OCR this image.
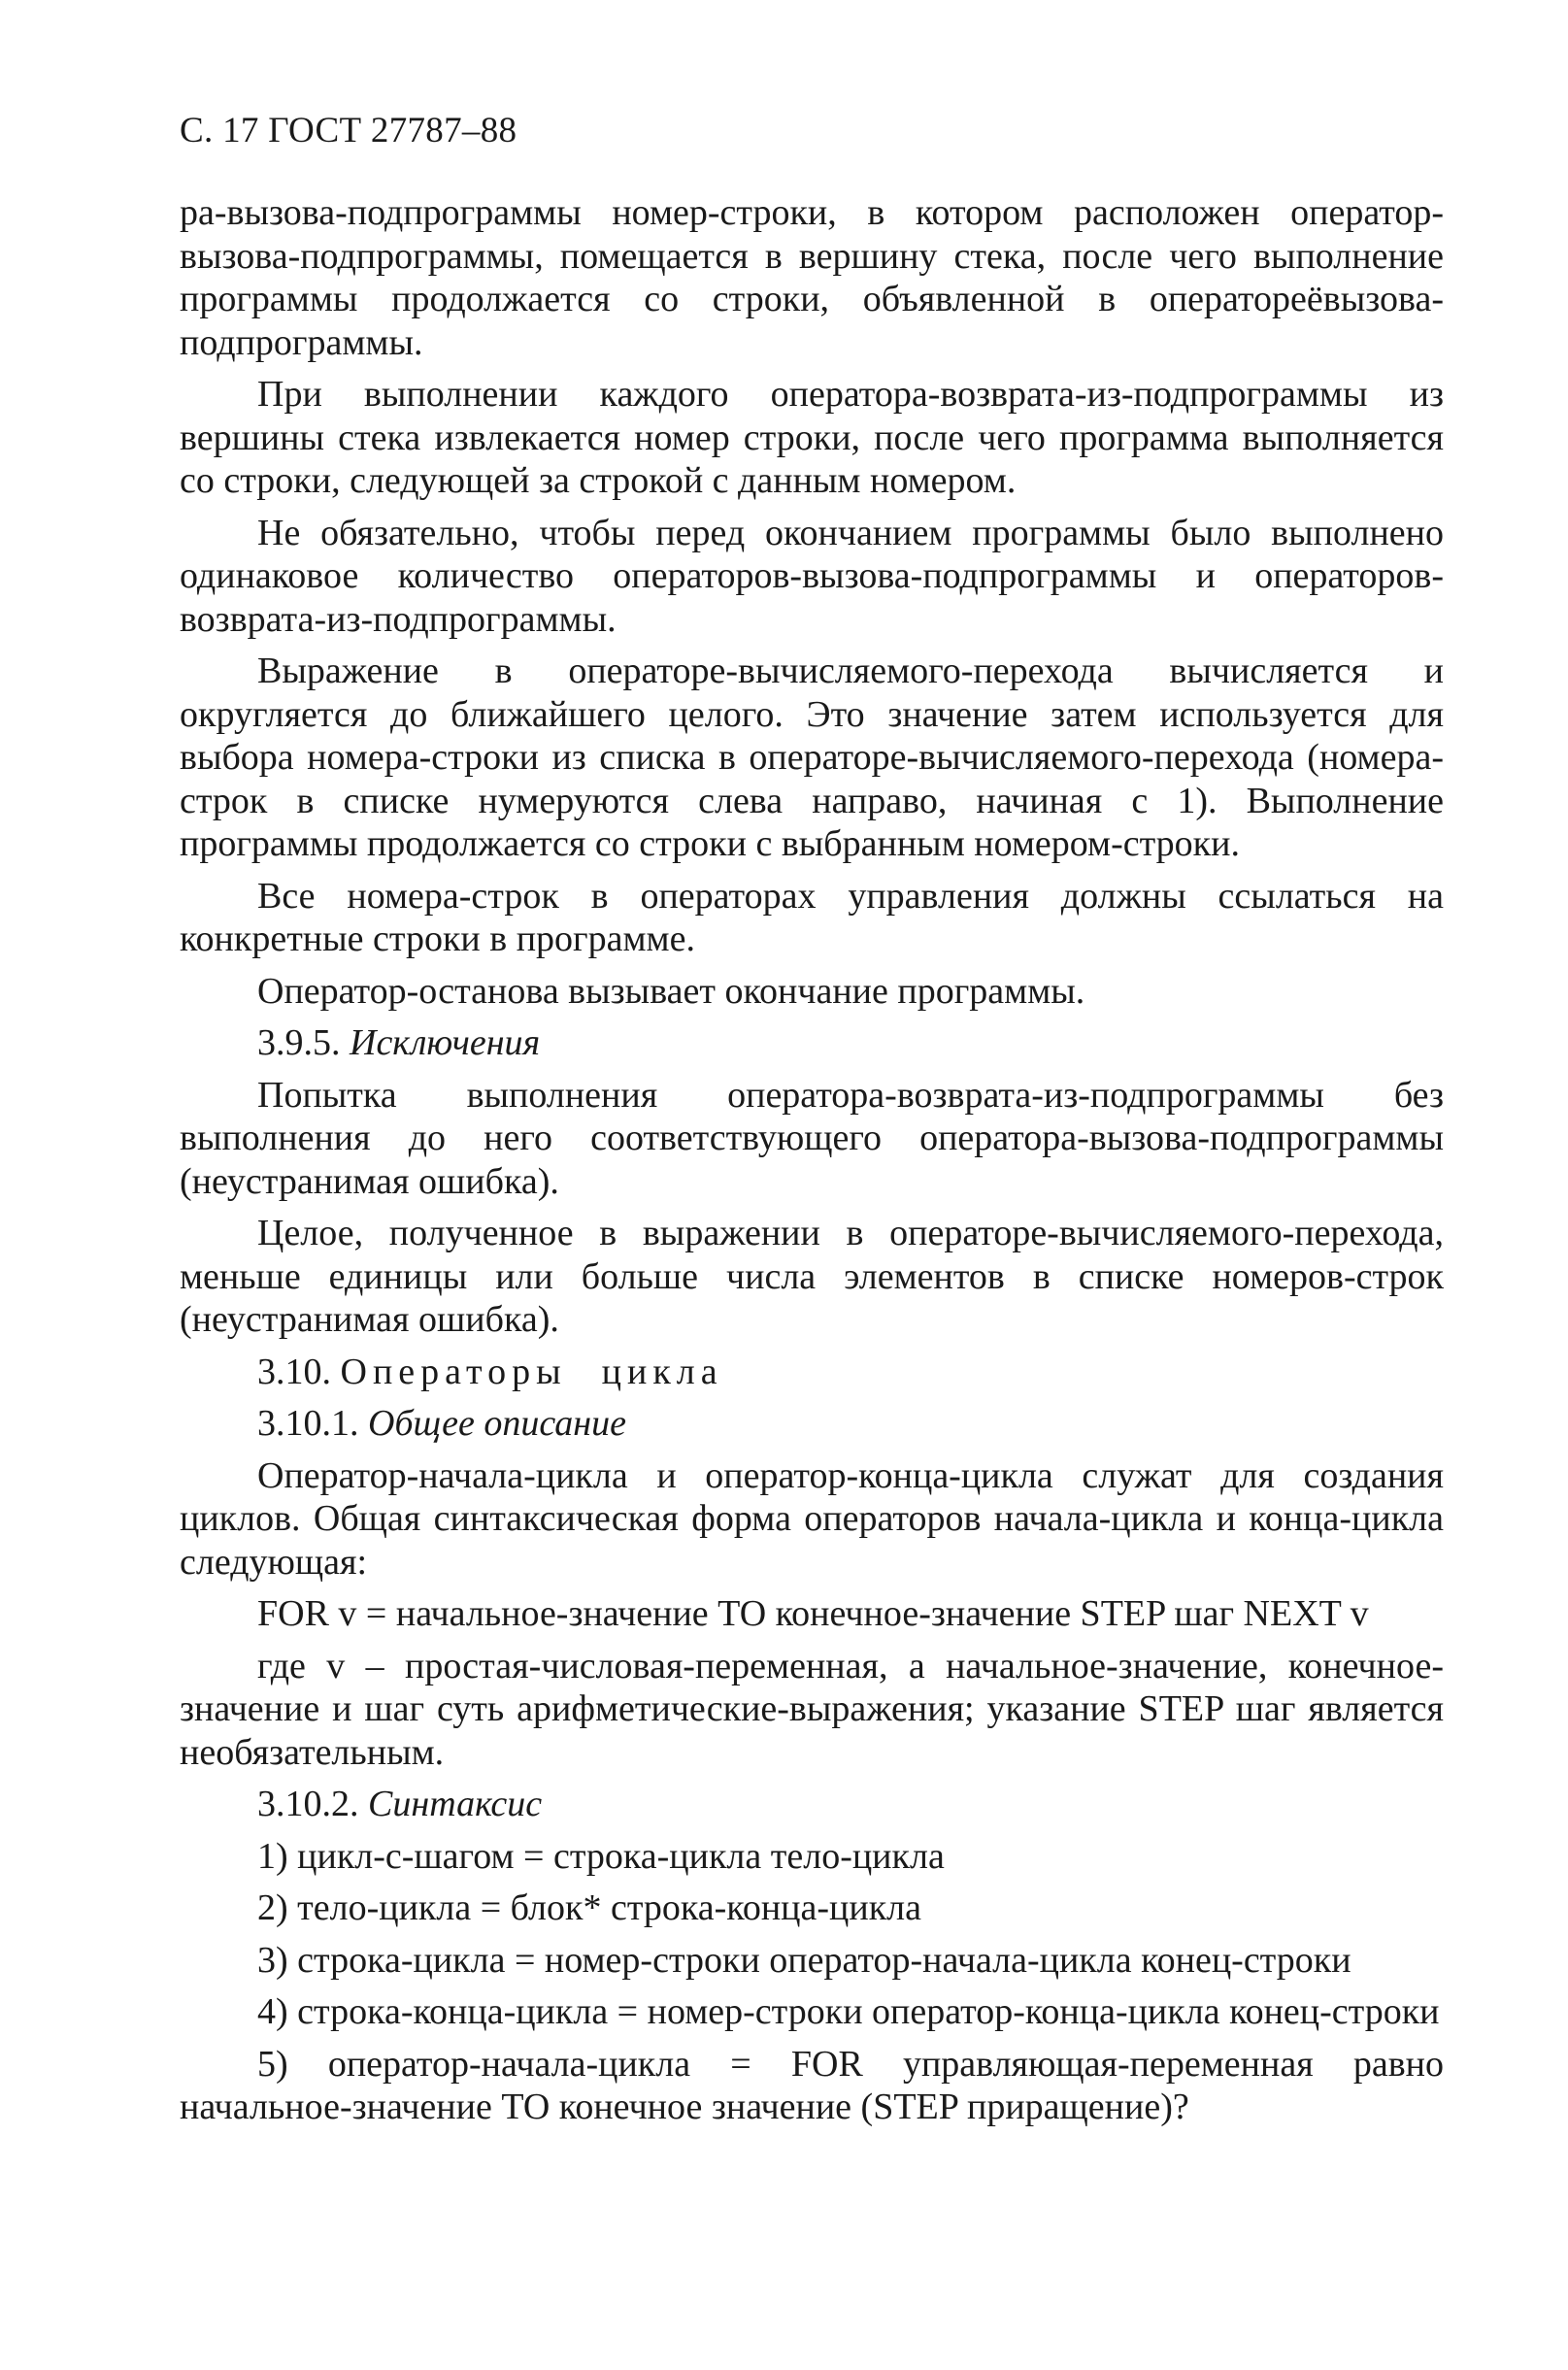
С. 17 ГОСТ 27787–88

ра-вызова-подпрограммы номер-строки, в котором расположен оператор-вызова-подпрограммы, помещается в вершину стека, после чего выполнение программы продолжается со строки, объявленной в оператореёвызова-подпрограммы.

При выполнении каждого оператора-возврата-из-подпрограммы из вершины стека извлекается номер строки, после чего программа выполняется со строки, следующей за строкой с данным номером.

Не обязательно, чтобы перед окончанием программы было выполнено одинаковое количество операторов-вызова-подпрограммы и операторов-возврата-из-подпрограммы.

Выражение в операторе-вычисляемого-перехода вычисляется и округляется до ближайшего целого. Это значение затем используется для выбора номера-строки из списка в операторе-вычисляемого-перехода (номера-строк в списке нумеруются слева направо, начиная с 1). Выполнение программы продолжается со строки с выбранным номером-строки.

Все номера-строк в операторах управления должны ссылаться на конкретные строки в программе.

Оператор-останова вызывает окончание программы.

3.9.5. Исключения

Попытка выполнения оператора-возврата-из-подпрограммы без выполнения до него соответствующего оператора-вызова-подпрограммы (неустранимая ошибка).

Целое, полученное в выражении в операторе-вычисляемого-перехода, меньше единицы или больше числа элементов в списке номеров-строк (неустранимая ошибка).

3.10. Операторы цикла

3.10.1. Общее описание

Оператор-начала-цикла и оператор-конца-цикла служат для создания циклов. Общая синтаксическая форма операторов начала-цикла и конца-цикла следующая:

FOR v = начальное-значение TO конечное-значение STEP шаг NEXT v

где v – простая-числовая-переменная, а начальное-значение, конечное-значение и шаг суть арифметические-выражения; указание STEP шаг является необязательным.

3.10.2. Синтаксис

1) цикл-с-шагом = строка-цикла тело-цикла

2) тело-цикла = блок* строка-конца-цикла

3) строка-цикла = номер-строки оператор-начала-цикла конец-строки

4) строка-конца-цикла = номер-строки оператор-конца-цикла конец-строки

5) оператор-начала-цикла = FOR управляющая-переменная равно начальное-значение TO конечное значение (STEP приращение)?
